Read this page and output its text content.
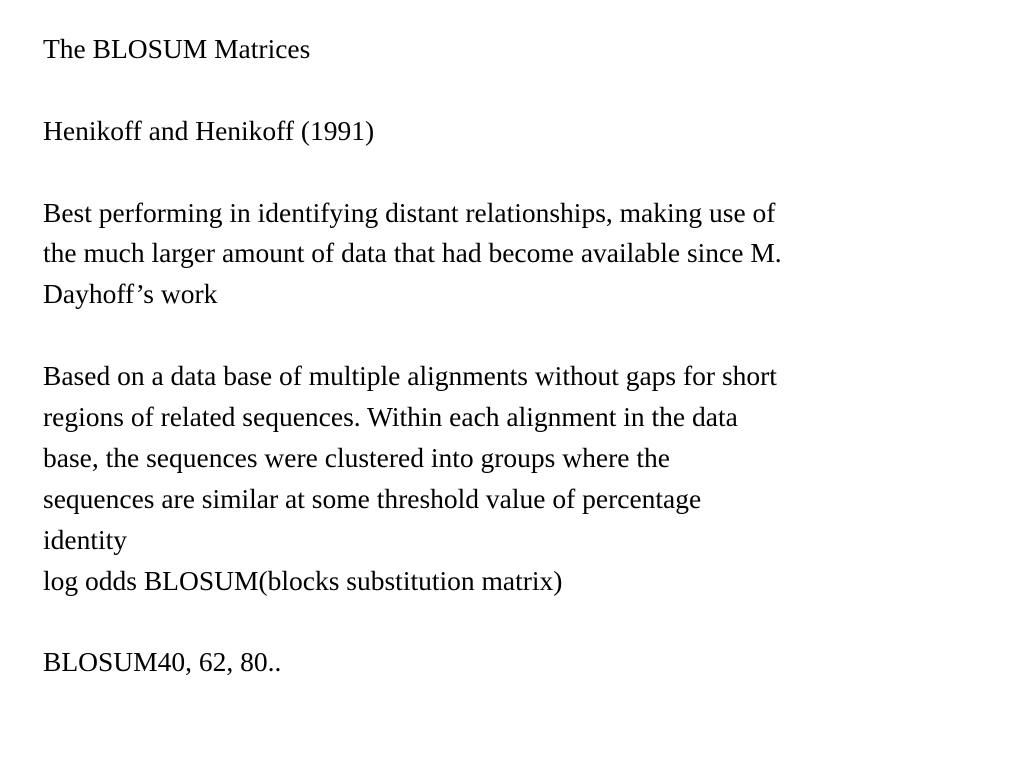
The BLOSUM Matrices
Henikoff and Henikoff (1991)
Best performing in identifying distant relationships, making use of
the much larger amount of data that had become available since M.
Dayhoff’s work
Based on a data base of multiple alignments without gaps for short
regions of related sequences. Within each alignment in the data
base, the sequences were clustered into groups where the
sequences are similar at some threshold value of percentage
identity
log odds BLOSUM(blocks substitution matrix)
BLOSUM40, 62, 80..
